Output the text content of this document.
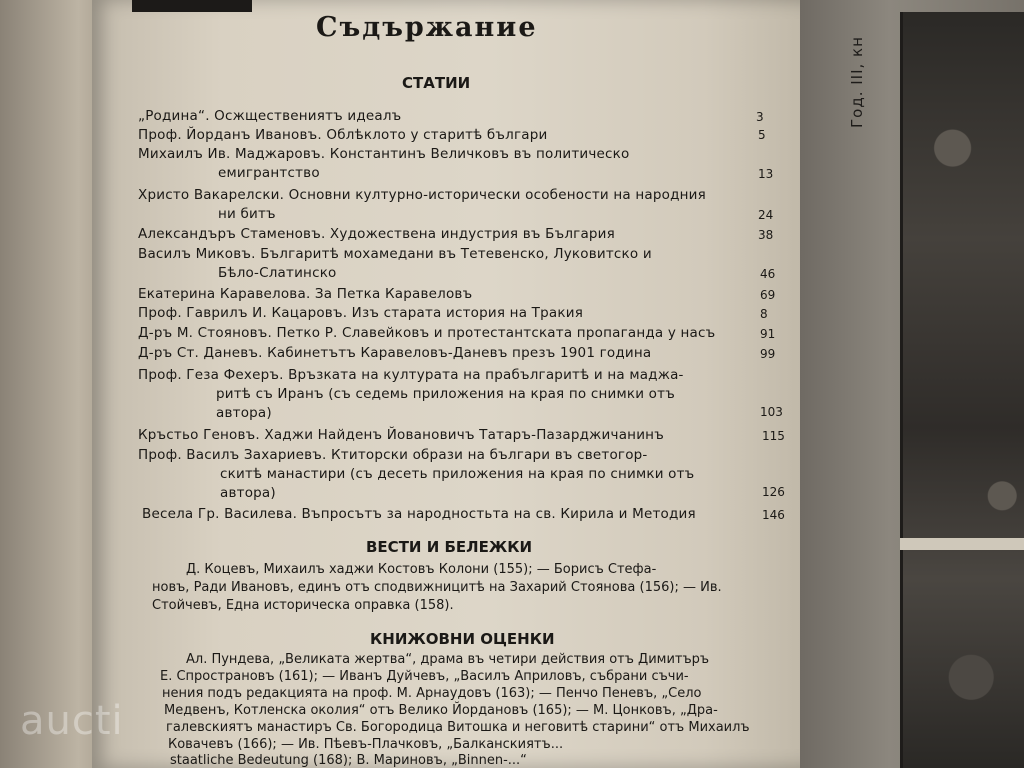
Год. III, кн
Съдържание
СТАТИИ
„Родина“. Осжществениятъ идеалъ	3
Проф. Йорданъ Ивановъ. Облѣклото у старитѣ българи	5
Михаилъ Ив. Маджаровъ. Константинъ Величковъ въ политическо
емигрантство	13
Христо Вакарелски. Основни културно-исторически особености на народния
ни битъ	24
Александъръ Стаменовъ. Художествена индустрия въ България	38
Василъ Миковъ. Българитѣ мохамедани въ Тетевенско, Луковитско и
Бѣло-Слатинско	46
Екатерина Каравелова. За Петка Каравеловъ	69
Проф. Гаврилъ И. Кацаровъ. Изъ старата история на Тракия	8
Д-ръ М. Стояновъ. Петко Р. Славейковъ и протестантската пропаганда у насъ	91
Д-ръ Ст. Даневъ. Кабинетътъ Каравеловъ-Даневъ презъ 1901 година	99
Проф. Геза Фехеръ. Връзката на културата на прабългаритѣ и на маджа-
ритѣ съ Иранъ (съ седемь приложения на края по снимки отъ
автора)	103
Кръстьо Геновъ. Хаджи Найденъ Йовановичъ Татаръ-Пазарджичанинъ	115
Проф. Василъ Захариевъ. Ктиторски образи на българи въ светогор-
скитѣ манастири (съ десеть приложения на края по снимки отъ
автора)	126
Весела Гр. Василева. Въпросътъ за народностьта на св. Кирила и Методия	146
ВЕСТИ И БЕЛЕЖКИ
Д. Коцевъ, Михаилъ хаджи Костовъ Колони (155); — Борисъ Стефа-
новъ, Ради Ивановъ, единъ отъ сподвижницитѣ на Захарий Стоянова (156); — Ив.
Стойчевъ, Една историческа оправка (158).
КНИЖОВНИ ОЦЕНКИ
Ал. Пундева, „Великата жертва“, драма въ четири действия отъ Димитъръ
Е. Спространовъ (161); — Иванъ Дуйчевъ, „Василъ Априловъ, събрани съчи-
нения подъ редакцията на проф. М. Арнаудовъ (163); — Пенчо Пеневъ, „Село
Медвенъ, Котленска околия“ отъ Велико Йордановъ (165); — М. Цонковъ, „Дра-
галевскиятъ манастиръ Св. Богородица Витошка и неговитѣ старини“ отъ Михаилъ
Ковачевъ (166); — Ив. Пѣевъ-Плачковъ, „Балканскиятъ...
staatliche Bedeutung (168); В. Мариновъ, „Binnen-...“
aucti
